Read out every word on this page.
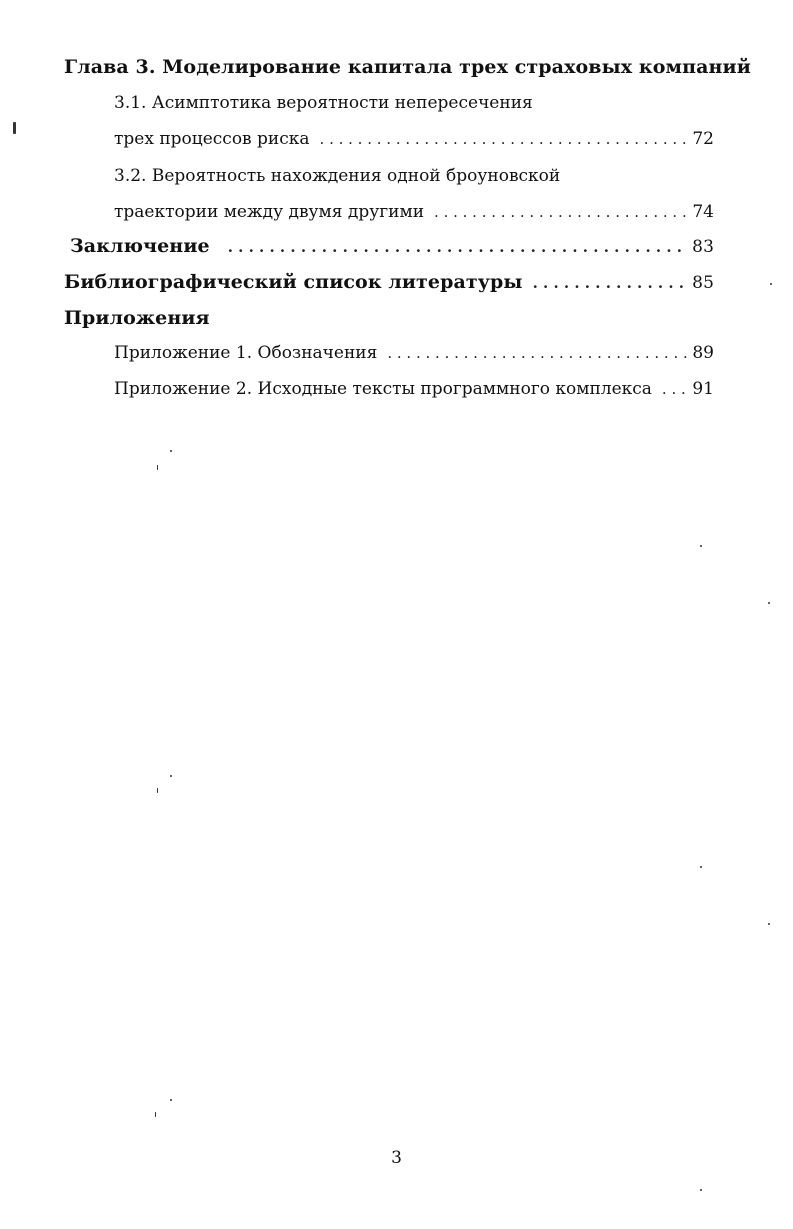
Глава 3. Моделирование капитала трех страховых компаний
3.1. Асимптотика вероятности непересечения
трех процессов риска . . .	72
3.2. Вероятность нахождения одной броуновской
траектории между двумя другими . . .	74
Заключение . . .	83
Библиографический список литературы . . .	85
Приложения
Приложение 1. Обозначения . . .	89
Приложение 2. Исходные тексты программного комплекса . . . 91
3
